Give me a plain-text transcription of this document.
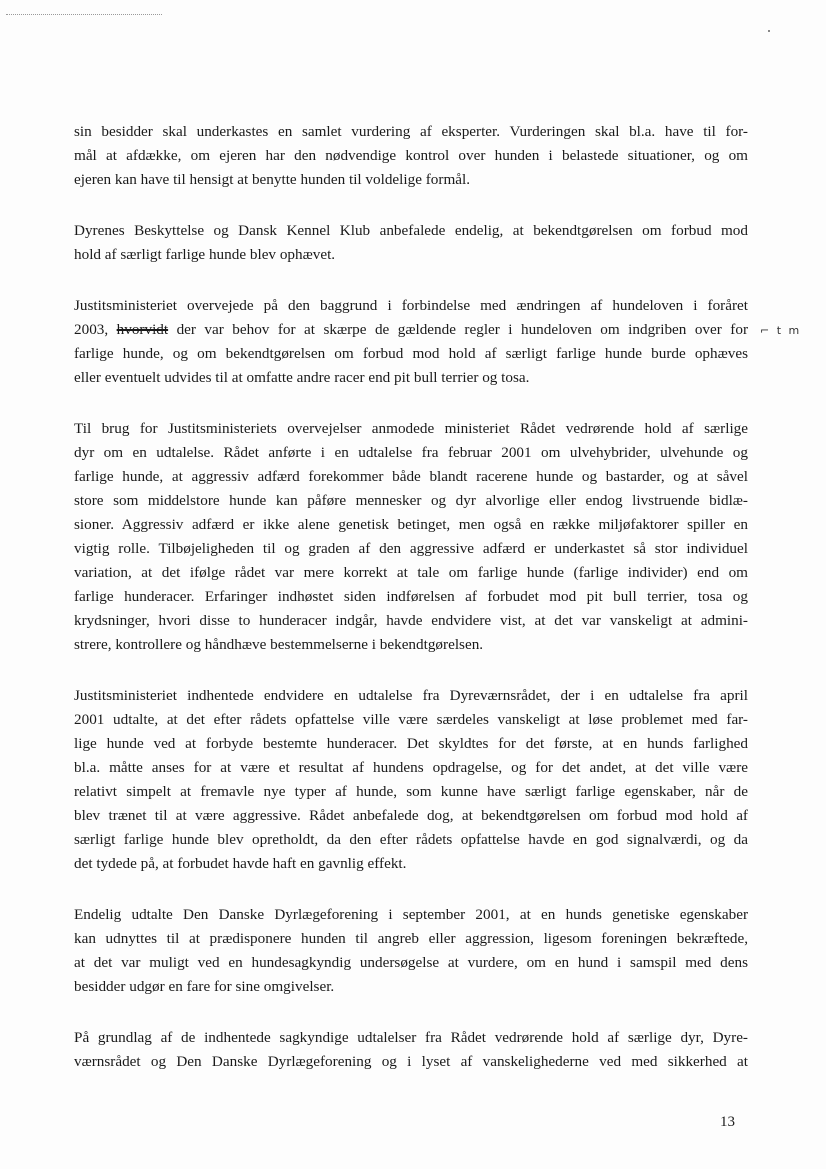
sin besidder skal underkastes en samlet vurdering af eksperter. Vurderingen skal bl.a. have til for-
mål at afdække, om ejeren har den nødvendige kontrol over hunden i belastede situationer, og om
ejeren kan have til hensigt at benytte hunden til voldelige formål.

Dyrenes Beskyttelse og Dansk Kennel Klub anbefalede endelig, at bekendtgørelsen om forbud mod
hold af særligt farlige hunde blev ophævet.

Justitsministeriet overvejede på den baggrund i forbindelse med ændringen af hundeloven i foråret
2003, hvorvidt der var behov for at skærpe de gældende regler i hundeloven om indgriben over for
farlige hunde, og om bekendtgørelsen om forbud mod hold af særligt farlige hunde burde ophæves
eller eventuelt udvides til at omfatte andre racer end pit bull terrier og tosa.

Til brug for Justitsministeriets overvejelser anmodede ministeriet Rådet vedrørende hold af særlige
dyr om en udtalelse. Rådet anførte i en udtalelse fra februar 2001 om ulvehybrider, ulvehunde og
farlige hunde, at aggressiv adfærd forekommer både blandt racerene hunde og bastarder, og at såvel
store som middelstore hunde kan påføre mennesker og dyr alvorlige eller endog livstruende bidlæ-
sioner. Aggressiv adfærd er ikke alene genetisk betinget, men også en række miljøfaktorer spiller en
vigtig rolle. Tilbøjeligheden til og graden af den aggressive adfærd er underkastet så stor individuel
variation, at det ifølge rådet var mere korrekt at tale om farlige hunde (farlige individer) end om
farlige hunderacer. Erfaringer indhøstet siden indførelsen af forbudet mod pit bull terrier, tosa og
krydsninger, hvori disse to hunderacer indgår, havde endvidere vist, at det var vanskeligt at admini-
strere, kontrollere og håndhæve bestemmelserne i bekendtgørelsen.

Justitsministeriet indhentede endvidere en udtalelse fra Dyreværnsrådet, der i en udtalelse fra april
2001 udtalte, at det efter rådets opfattelse ville være særdeles vanskeligt at løse problemet med far-
lige hunde ved at forbyde bestemte hunderacer. Det skyldtes for det første, at en hunds farlighed
bl.a. måtte anses for at være et resultat af hundens opdragelse, og for det andet, at det ville være
relativt simpelt at fremavle nye typer af hunde, som kunne have særligt farlige egenskaber, når de
blev trænet til at være aggressive. Rådet anbefalede dog, at bekendtgørelsen om forbud mod hold af
særligt farlige hunde blev opretholdt, da den efter rådets opfattelse havde en god signalværdi, og da
det tydede på, at forbudet havde haft en gavnlig effekt.

Endelig udtalte Den Danske Dyrlægeforening i september 2001, at en hunds genetiske egenskaber
kan udnyttes til at prædisponere hunden til angreb eller aggression, ligesom foreningen bekræftede,
at det var muligt ved en hundesagkyndig undersøgelse at vurdere, om en hund i samspil med dens
besidder udgør en fare for sine omgivelser.

På grundlag af de indhentede sagkyndige udtalelser fra Rådet vedrørende hold af særlige dyr, Dyre-
værnsrådet og Den Danske Dyrlægeforening og i lyset af vanskelighederne ved med sikkerhed at

⌐ t m
13
